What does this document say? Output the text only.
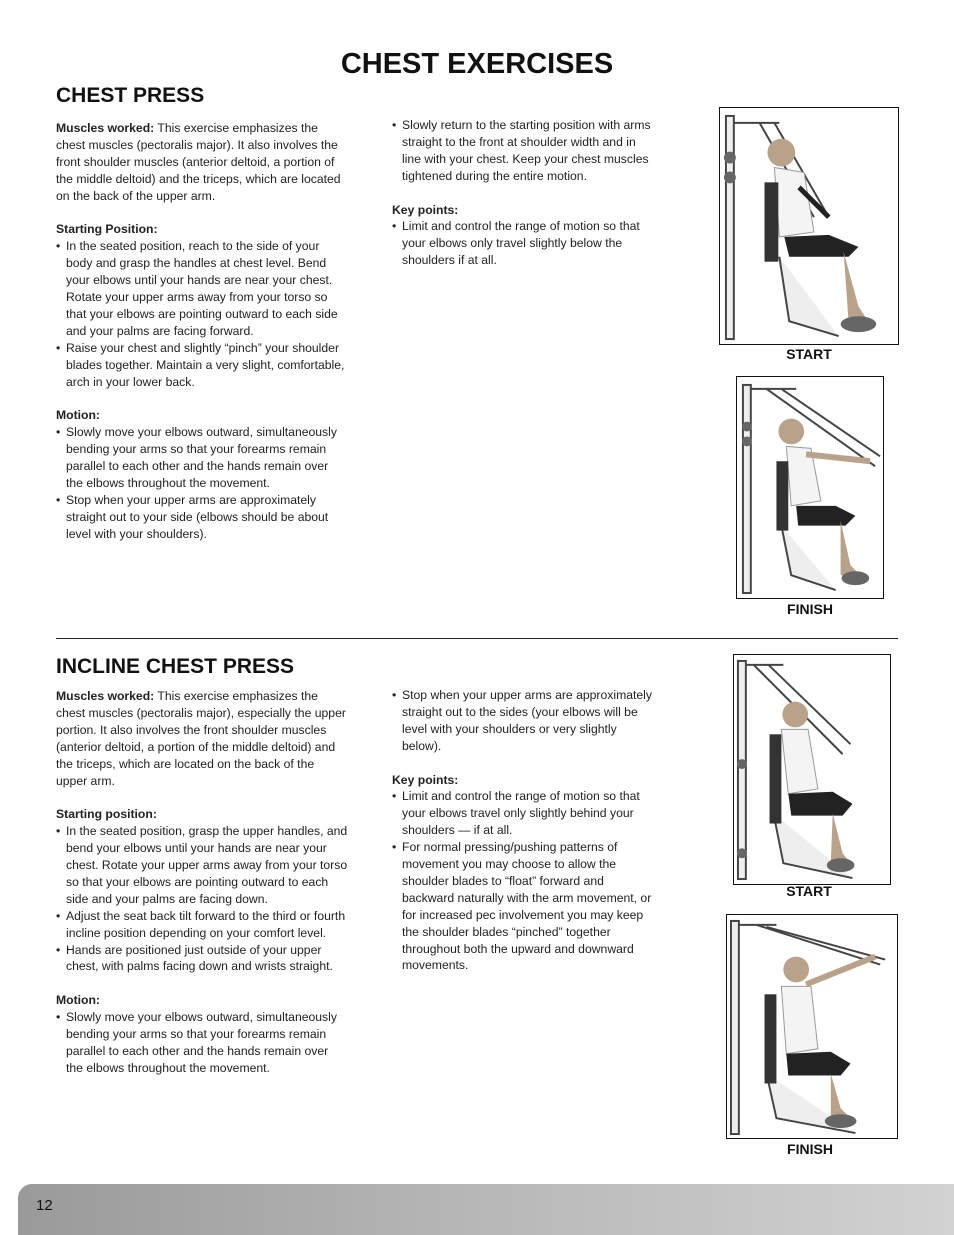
CHEST EXERCISES
CHEST PRESS

Muscles worked: This exercise emphasizes the chest muscles (pectoralis major). It also involves the front shoulder muscles (anterior deltoid, a portion of the middle deltoid) and the triceps, which are located on the back of the upper arm.

Starting Position:

• In the seated position, reach to the side of your body and grasp the handles at chest level. Bend your elbows until your hands are near your chest. Rotate your upper arms away from your torso so that your elbows are pointing outward to each side and your palms are facing forward.
• Raise your chest and slightly “pinch” your shoulder blades together. Maintain a very slight, comfortable, arch in your lower back.

Motion:

• Slowly move your elbows outward, simultaneously bending your arms so that your forearms remain parallel to each other and the hands remain over the elbows throughout the movement.
• Stop when your upper arms are approximately straight out to your side (elbows should be about level with your shoulders).
• Slowly return to the starting position with arms straight to the front at shoulder width and in line with your chest. Keep your chest muscles tightened during the entire motion.

Key points:

• Limit and control the range of motion so that your elbows only travel slightly below the shoulders if at all.
START
FINISH
INCLINE CHEST PRESS

Muscles worked: This exercise emphasizes the chest muscles (pectoralis major), especially the upper portion. It also involves the front shoulder muscles (anterior deltoid, a portion of the middle deltoid) and the triceps, which are located on the back of the upper arm.

Starting position:

• In the seated position, grasp the upper handles, and bend your elbows until your hands are near your chest. Rotate your upper arms away from your torso so that your elbows are pointing outward to each side and your palms are facing down.
• Adjust the seat back tilt forward to the third or fourth incline position depending on your comfort level.
• Hands are positioned just outside of your upper chest, with palms facing down and wrists straight.

Motion:

• Slowly move your elbows outward, simultaneously bending your arms so that your forearms remain parallel to each other and the hands remain over the elbows throughout the movement.
• Stop when your upper arms are approximately straight out to the sides (your elbows will be level with your shoulders or very slightly below).

Key points:

• Limit and control the range of motion so that your elbows travel only slightly behind your shoulders — if at all.
• For normal pressing/pushing patterns of movement you may choose to allow the shoulder blades to “float” forward and backward naturally with the arm movement, or for increased pec involvement you may keep the shoulder blades “pinched” together throughout both the upward and downward movements.
START
FINISH
12
